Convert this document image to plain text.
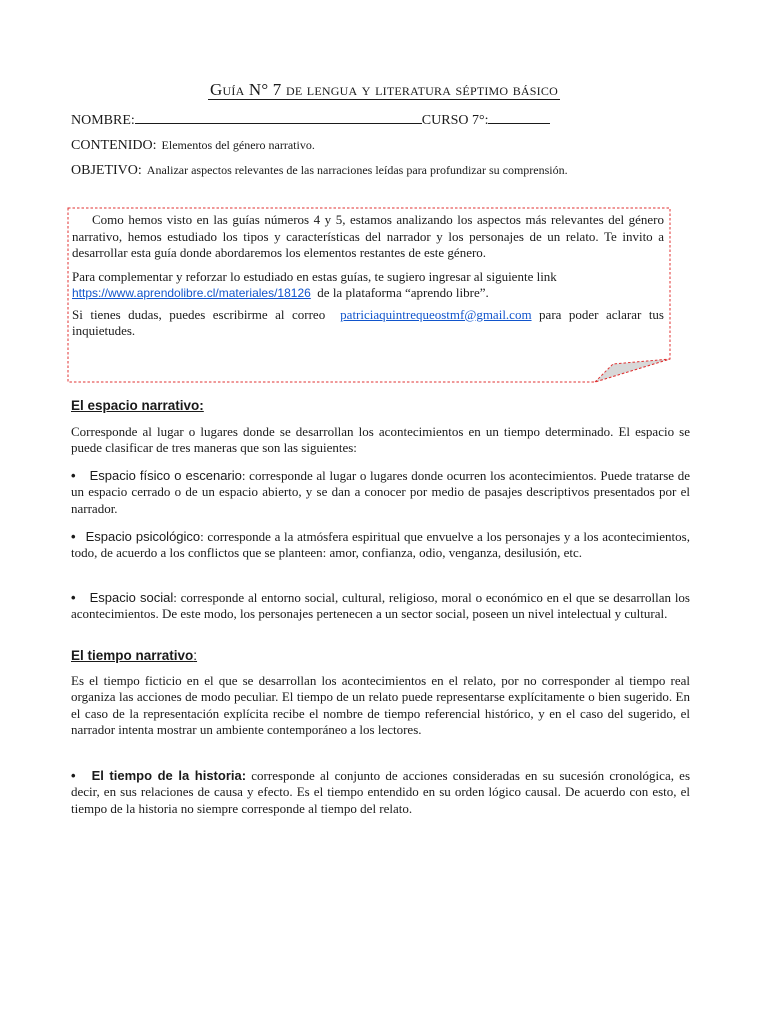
Guía N° 7 de lengua y literatura séptimo básico
NOMBRE:	CURSO 7°:
CONTENIDO: Elementos del género narrativo.
OBJETIVO: Analizar aspectos relevantes de las narraciones leídas para profundizar su comprensión.

Como hemos visto en las guías números 4 y 5, estamos analizando los aspectos más relevantes del género narrativo, hemos estudiado los tipos y características del narrador y los personajes de un relato. Te invito a desarrollar esta guía donde abordaremos los elementos restantes de este género.

Para complementar y reforzar lo estudiado en estas guías, te sugiero ingresar al siguiente link
https://www.aprendolibre.cl/materiales/18126 de la plataforma “aprendo libre”.

Si tienes dudas, puedes escribirme al correo patriciaquintrequeostmf@gmail.com para poder aclarar tus inquietudes.

El espacio narrativo:

Corresponde al lugar o lugares donde se desarrollan los acontecimientos en un tiempo determinado. El espacio se puede clasificar de tres maneras que son las siguientes:

• Espacio físico o escenario: corresponde al lugar o lugares donde ocurren los acontecimientos. Puede tratarse de un espacio cerrado o de un espacio abierto, y se dan a conocer por medio de pasajes descriptivos presentados por el narrador.

• Espacio psicológico: corresponde a la atmósfera espiritual que envuelve a los personajes y a los acontecimientos, todo, de acuerdo a los conflictos que se planteen: amor, confianza, odio, venganza, desilusión, etc.

• Espacio social: corresponde al entorno social, cultural, religioso, moral o económico en el que se desarrollan los acontecimientos. De este modo, los personajes pertenecen a un sector social, poseen un nivel intelectual y cultural.

El tiempo narrativo:

Es el tiempo ficticio en el que se desarrollan los acontecimientos en el relato, por no corresponder al tiempo real organiza las acciones de modo peculiar. El tiempo de un relato puede representarse explícitamente o bien sugerido. En el caso de la representación explícita recibe el nombre de tiempo referencial histórico, y en el caso del sugerido, el narrador intenta mostrar un ambiente contemporáneo a los lectores.

• El tiempo de la historia: corresponde al conjunto de acciones consideradas en su sucesión cronológica, es decir, en sus relaciones de causa y efecto. Es el tiempo entendido en su orden lógico causal. De acuerdo con esto, el tiempo de la historia no siempre corresponde al tiempo del relato.
